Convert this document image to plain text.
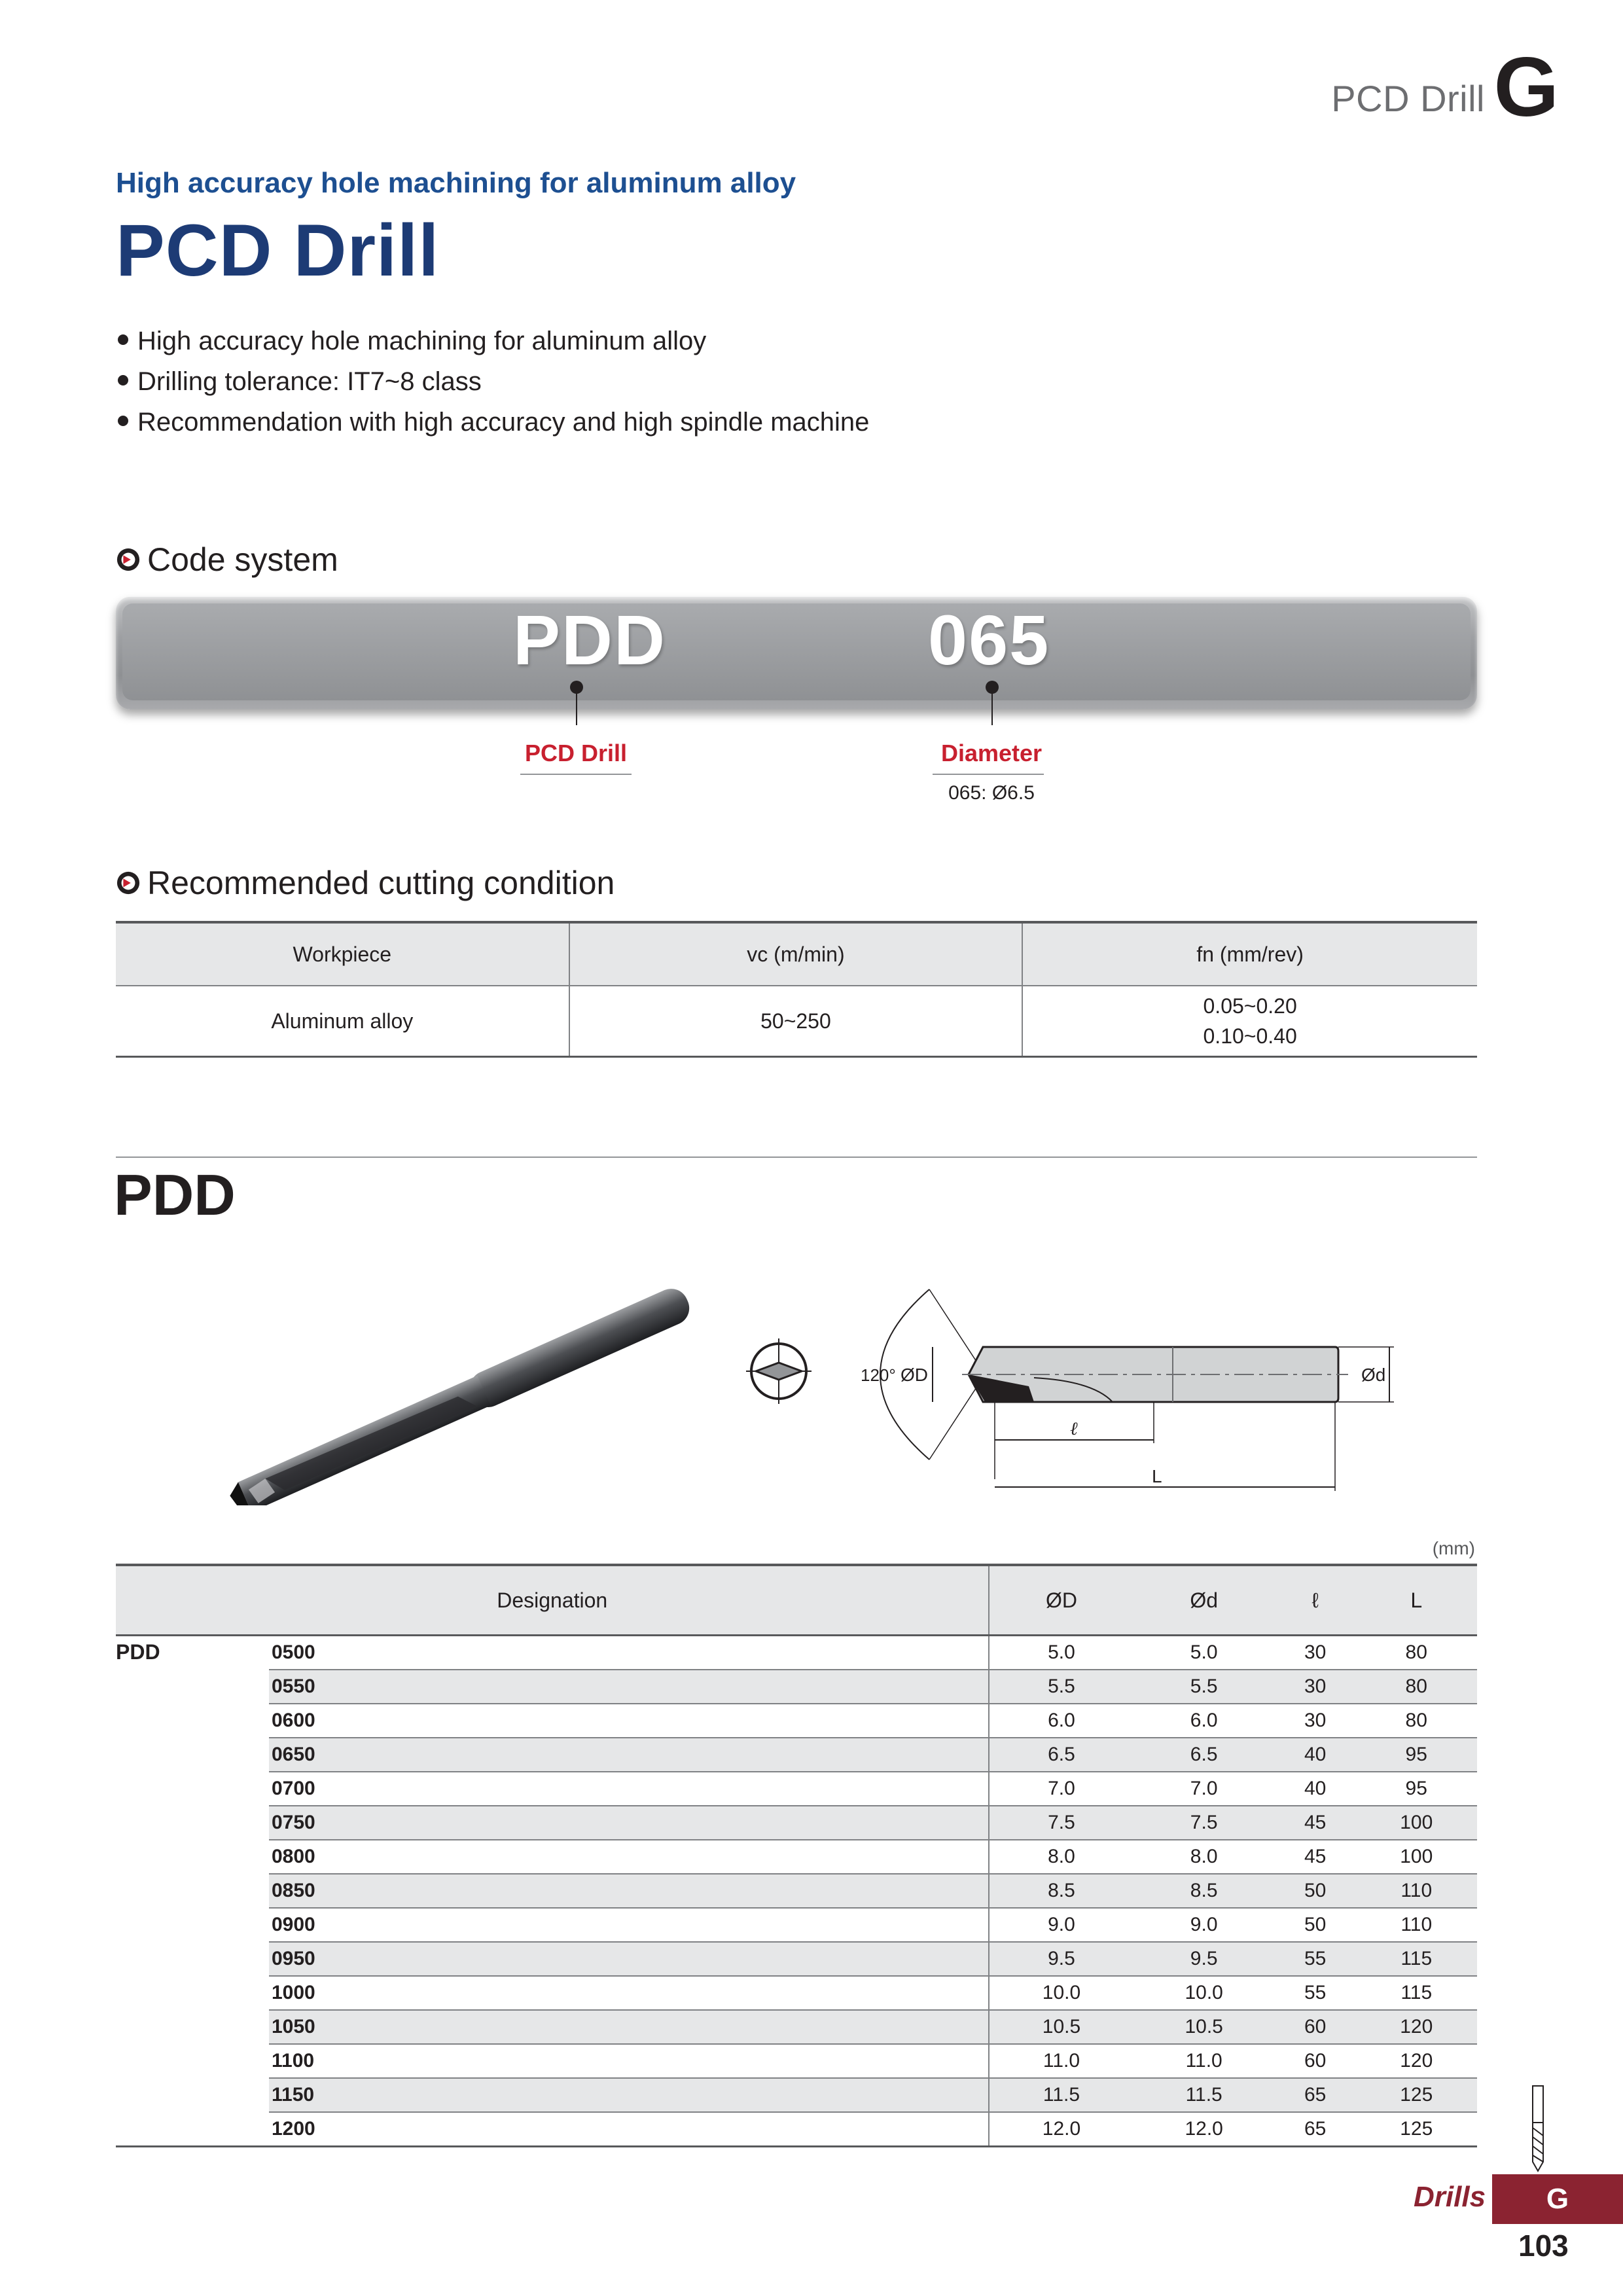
PCD Drill G
High accuracy hole machining for aluminum alloy
PCD Drill
High accuracy hole machining for aluminum alloy
Drilling tolerance: IT7~8 class
Recommendation with high accuracy and high spindle machine
Code system
PDD	065
PCD Drill	Diameter
065: Ø6.5
Recommended cutting condition
Workpiece	vc (m/min)	fn (mm/rev)
Aluminum alloy	50~250	0.05~0.20
0.10~0.40
PDD
120° ØD	Ød
ℓ
L
(mm)
Designation		ØD	Ød	ℓ	L
PDD	0500	5.0	5.0	30	80
	0550	5.5	5.5	30	80
	0600	6.0	6.0	30	80
	0650	6.5	6.5	40	95
	0700	7.0	7.0	40	95
	0750	7.5	7.5	45	100
	0800	8.0	8.0	45	100
	0850	8.5	8.5	50	110
	0900	9.0	9.0	50	110
	0950	9.5	9.5	55	115
	1000	10.0	10.0	55	115
	1050	10.5	10.5	60	120
	1100	11.0	11.0	60	120
	1150	11.5	11.5	65	125
	1200	12.0	12.0	65	125
Drills	G
103
